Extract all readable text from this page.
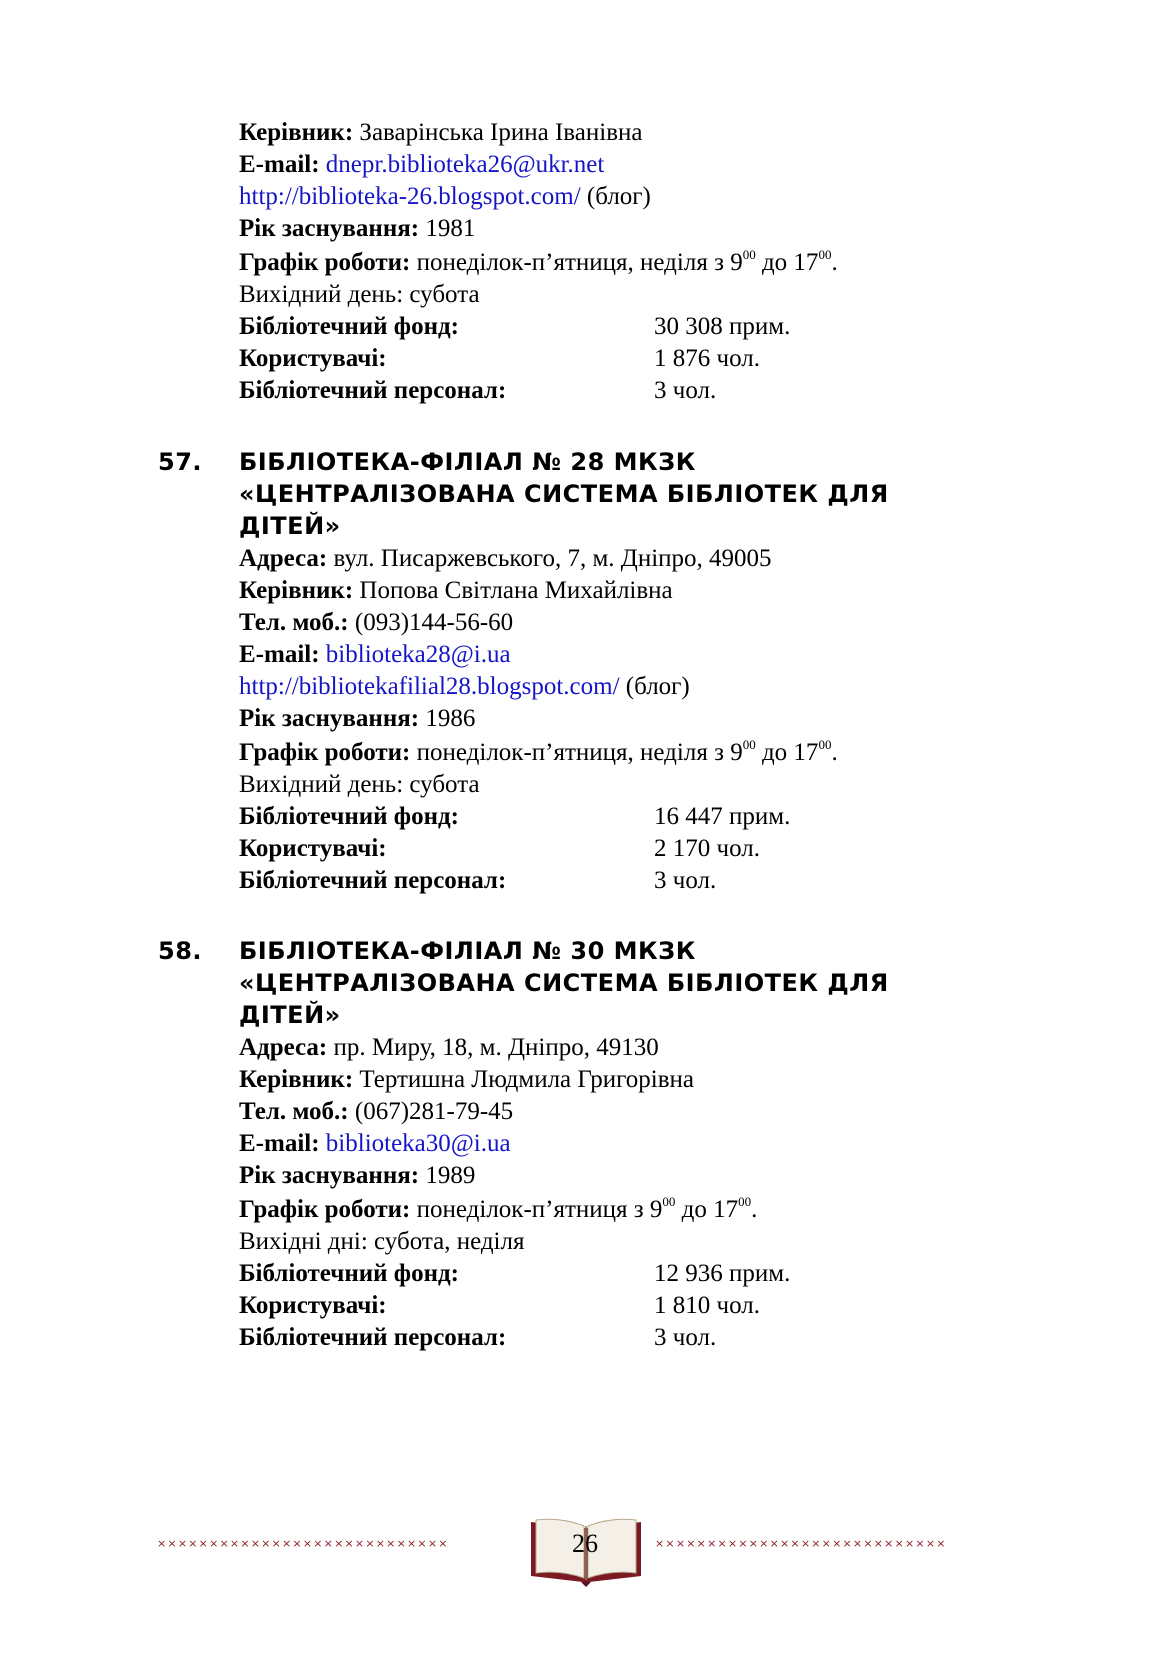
Керівник: Заварінська Ірина Іванівна
E-mail: dnepr.biblioteka26@ukr.net
http://biblioteka-26.blogspot.com/ (блог)
Рік заснування: 1981
Графік роботи: понеділок-п’ятниця, неділя з $9^{00}$ до $17^{00}$.
Вихідний день: субота
Бібліотечний фонд:	30 308 прим.
Користувачі:	1 876 чол.
Бібліотечний персонал:	3 чол.
57. БІБЛІОТЕКА-ФІЛІАЛ № 28 МКЗК
«ЦЕНТРАЛІЗОВАНА СИСТЕМА БІБЛІОТЕК ДЛЯ
ДІТЕЙ»
Адреса: вул. Писаржевського, 7, м. Дніпро, 49005
Керівник: Попова Світлана Михайлівна
Тел. моб.: (093)144-56-60
E-mail: biblioteka28@i.ua
http://bibliotekafilial28.blogspot.com/ (блог)
Рік заснування: 1986
Графік роботи: понеділок-п’ятниця, неділя з $9^{00}$ до $17^{00}$.
Вихідний день: субота
Бібліотечний фонд:	16 447 прим.
Користувачі:	2 170 чол.
Бібліотечний персонал:	3 чол.
58. БІБЛІОТЕКА-ФІЛІАЛ № 30 МКЗК
«ЦЕНТРАЛІЗОВАНА СИСТЕМА БІБЛІОТЕК ДЛЯ
ДІТЕЙ»
Адреса: пр. Миру, 18, м. Дніпро, 49130
Керівник: Тертишна Людмила Григорівна
Тел. моб.: (067)281-79-45
E-mail: biblioteka30@i.ua
Рік заснування: 1989
Графік роботи: понеділок-п’ятниця з $9^{00}$ до $17^{00}$.
Вихідні дні: субота, неділя
Бібліотечний фонд:	12 936 прим.
Користувачі:	1 810 чол.
Бібліотечний персонал:	3 чол.
××××××××××××××××××××××××××××	××××××××××××××××××××××××××××
26
